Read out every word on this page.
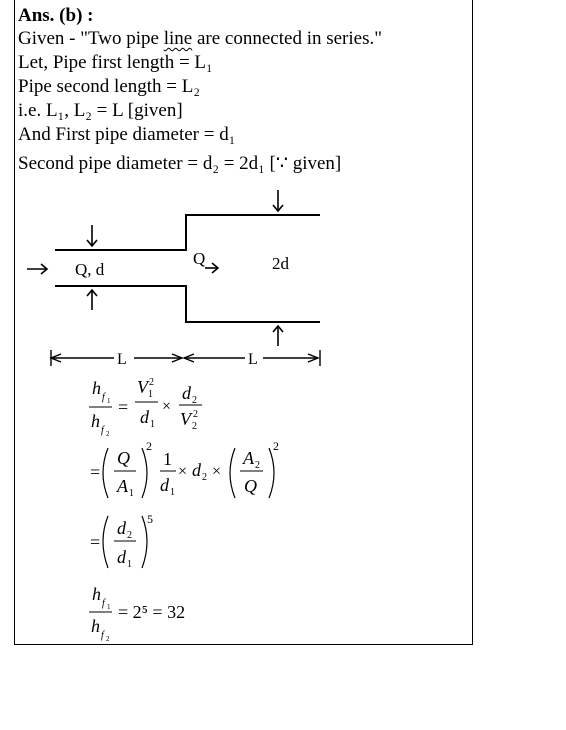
Ans. (b) :
Given - "Two pipe line are connected in series."
Let, Pipe first length = L₁
Pipe second length = L₂
i.e. L₁, L₂ = L [given]
And First pipe diameter = d₁
Second pipe diameter = d₂ = 2d₁ [∵ given]
Q, d
Q	2d
L	L
h f 1
h f 2
=
V 2
1
d 1
×
d 2
V 2
2
=
Q
A 1
2
1
d 1
× d 2 ×
A 2
Q
2
=
d 2
d 1
5
h f 1
h f 2
= 2⁵ = 32
